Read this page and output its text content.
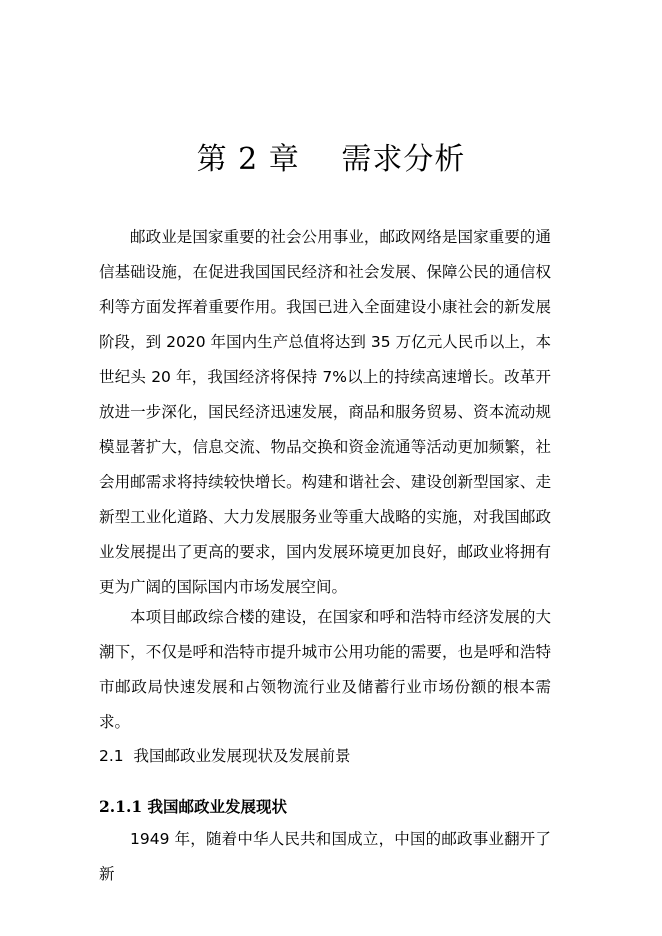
第 2 章　 需求分析

邮政业是国家重要的社会公用事业，邮政网络是国家重要的通信基础设施，在促进我国国民经济和社会发展、保障公民的通信权利等方面发挥着重要作用。我国已进入全面建设小康社会的新发展阶段，到 2020 年国内生产总值将达到 35 万亿元人民币以上，本世纪头 20 年，我国经济将保持 7%以上的持续高速增长。改革开放进一步深化，国民经济迅速发展，商品和服务贸易、资本流动规模显著扩大，信息交流、物品交换和资金流通等活动更加频繁，社会用邮需求将持续较快增长。构建和谐社会、建设创新型国家、走新型工业化道路、大力发展服务业等重大战略的实施，对我国邮政业发展提出了更高的要求，国内发展环境更加良好，邮政业将拥有更为广阔的国际国内市场发展空间。

本项目邮政综合楼的建设，在国家和呼和浩特市经济发展的大潮下，不仅是呼和浩特市提升城市公用功能的需要，也是呼和浩特市邮政局快速发展和占领物流行业及储蓄行业市场份额的根本需求。

2.1  我国邮政业发展现状及发展前景
2.1.1 我国邮政业发展现状

1949 年，随着中华人民共和国成立，中国的邮政事业翻开了新
